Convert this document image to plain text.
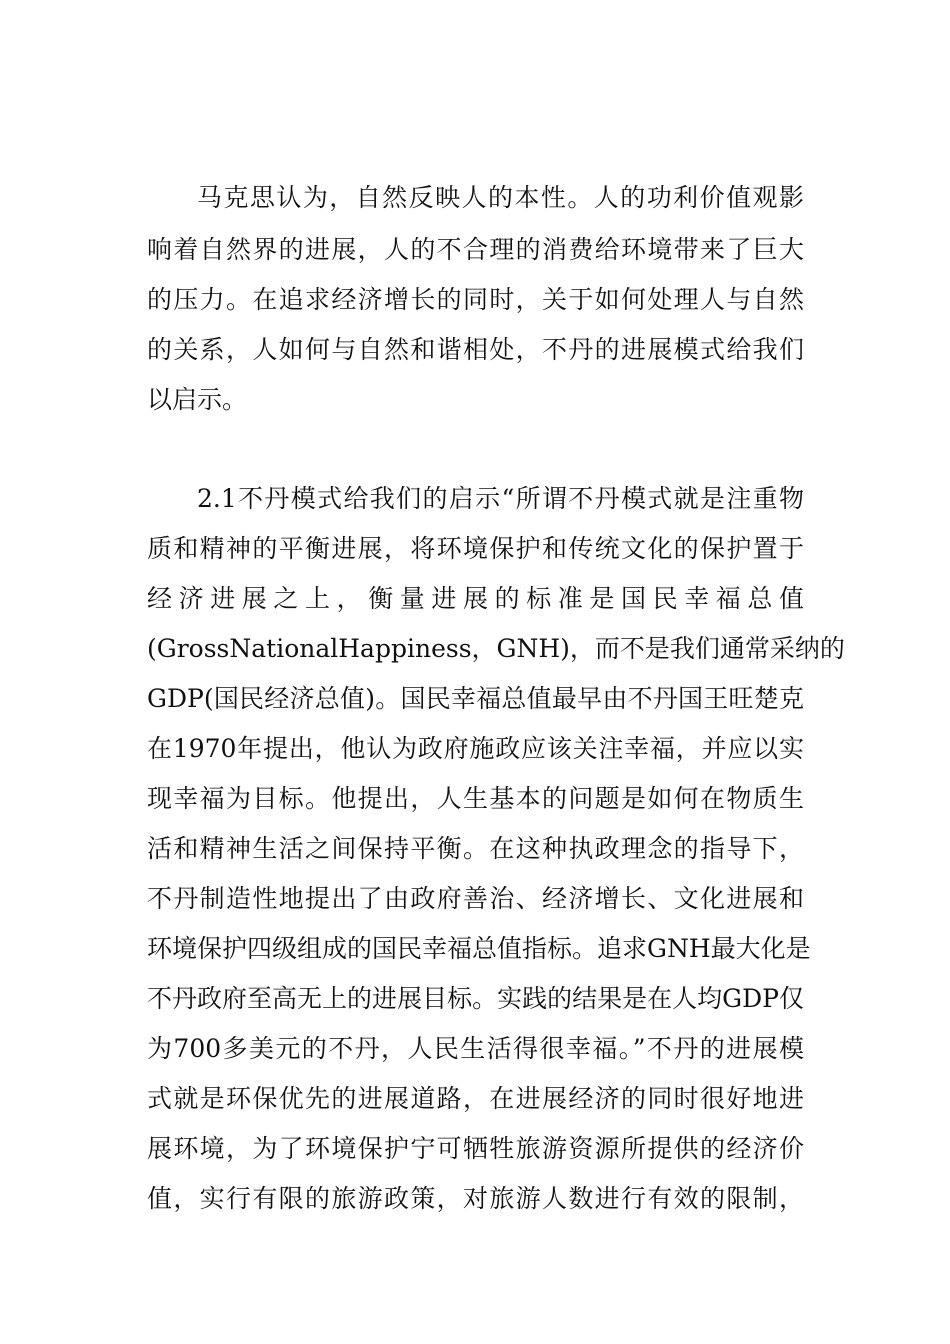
马克思认为，自然反映人的本性。人的功利价值观影
响着自然界的进展，人的不合理的消费给环境带来了巨大
的压力。在追求经济增长的同时，关于如何处理人与自然
的关系，人如何与自然和谐相处，不丹的进展模式给我们
以启示。
2.1不丹模式给我们的启示“所谓不丹模式就是注重物
质和精神的平衡进展，将环境保护和传统文化的保护置于
经济进展之上，衡量进展的标准是国民幸福总值
(GrossNationalHappiness，GNH)，而不是我们通常采纳的
GDP(国民经济总值)。国民幸福总值最早由不丹国王旺楚克
在1970年提出，他认为政府施政应该关注幸福，并应以实
现幸福为目标。他提出，人生基本的问题是如何在物质生
活和精神生活之间保持平衡。在这种执政理念的指导下，
不丹制造性地提出了由政府善治、经济增长、文化进展和
环境保护四级组成的国民幸福总值指标。追求GNH最大化是
不丹政府至高无上的进展目标。实践的结果是在人均GDP仅
为700多美元的不丹，人民生活得很幸福。”不丹的进展模
式就是环保优先的进展道路，在进展经济的同时很好地进
展环境，为了环境保护宁可牺牲旅游资源所提供的经济价
值，实行有限的旅游政策，对旅游人数进行有效的限制，
